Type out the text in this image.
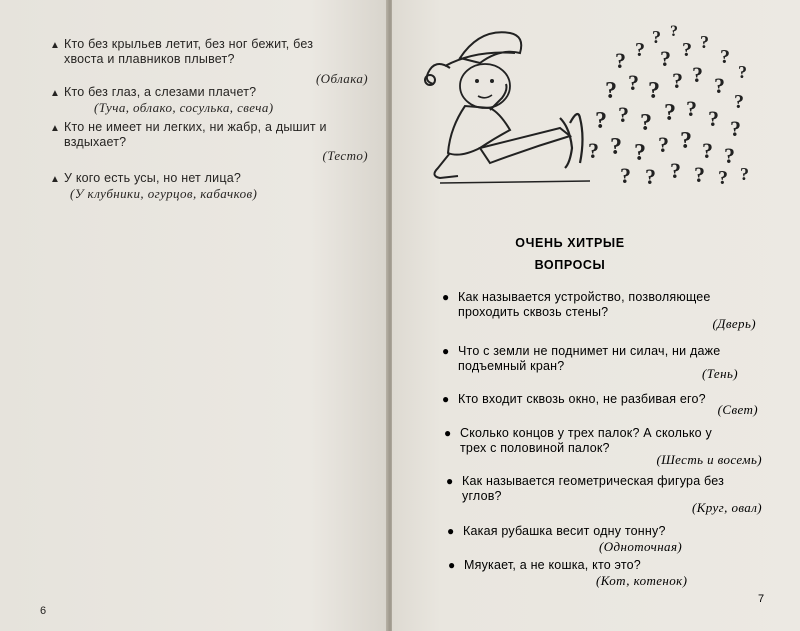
▲ Кто без крыльев летит, без ног бежит, без
хвоста и плавников плывет?
(Облака)
▲ Кто без глаз, а слезами плачет?
(Туча, облако, сосулька, свеча)
▲ Кто не имеет ни легких, ни жабр, а дышит и
вздыхает?
(Тесто)
▲ У кого есть усы, но нет лица?
(У клубники, огурцов, кабачков)
6
? ?
? ?
? ? ?
?
?
? ? ? ? ? ?
?
? ? ? ? ? ? ?
? ? ? ? ? ? ?
? ? ? ? ? ?
ОЧЕНЬ ХИТРЫЕ
ВОПРОСЫ
● Как называется устройство, позволяющее
проходить сквозь стены?
(Дверь)
● Что с земли не поднимет ни силач, ни даже
подъемный кран?	(Тень)
● Кто входит сквозь окно, не разбивая его?
(Свет)
● Сколько концов у трех палок? А сколько у
трех с половиной палок?
(Шесть и восемь)
● Как называется геометрическая фигура без
углов?
(Круг, овал)
● Какая рубашка весит одну тонну?
(Одноточная)
● Мяукает, а не кошка, кто это?
(Кот, котенок)
7
